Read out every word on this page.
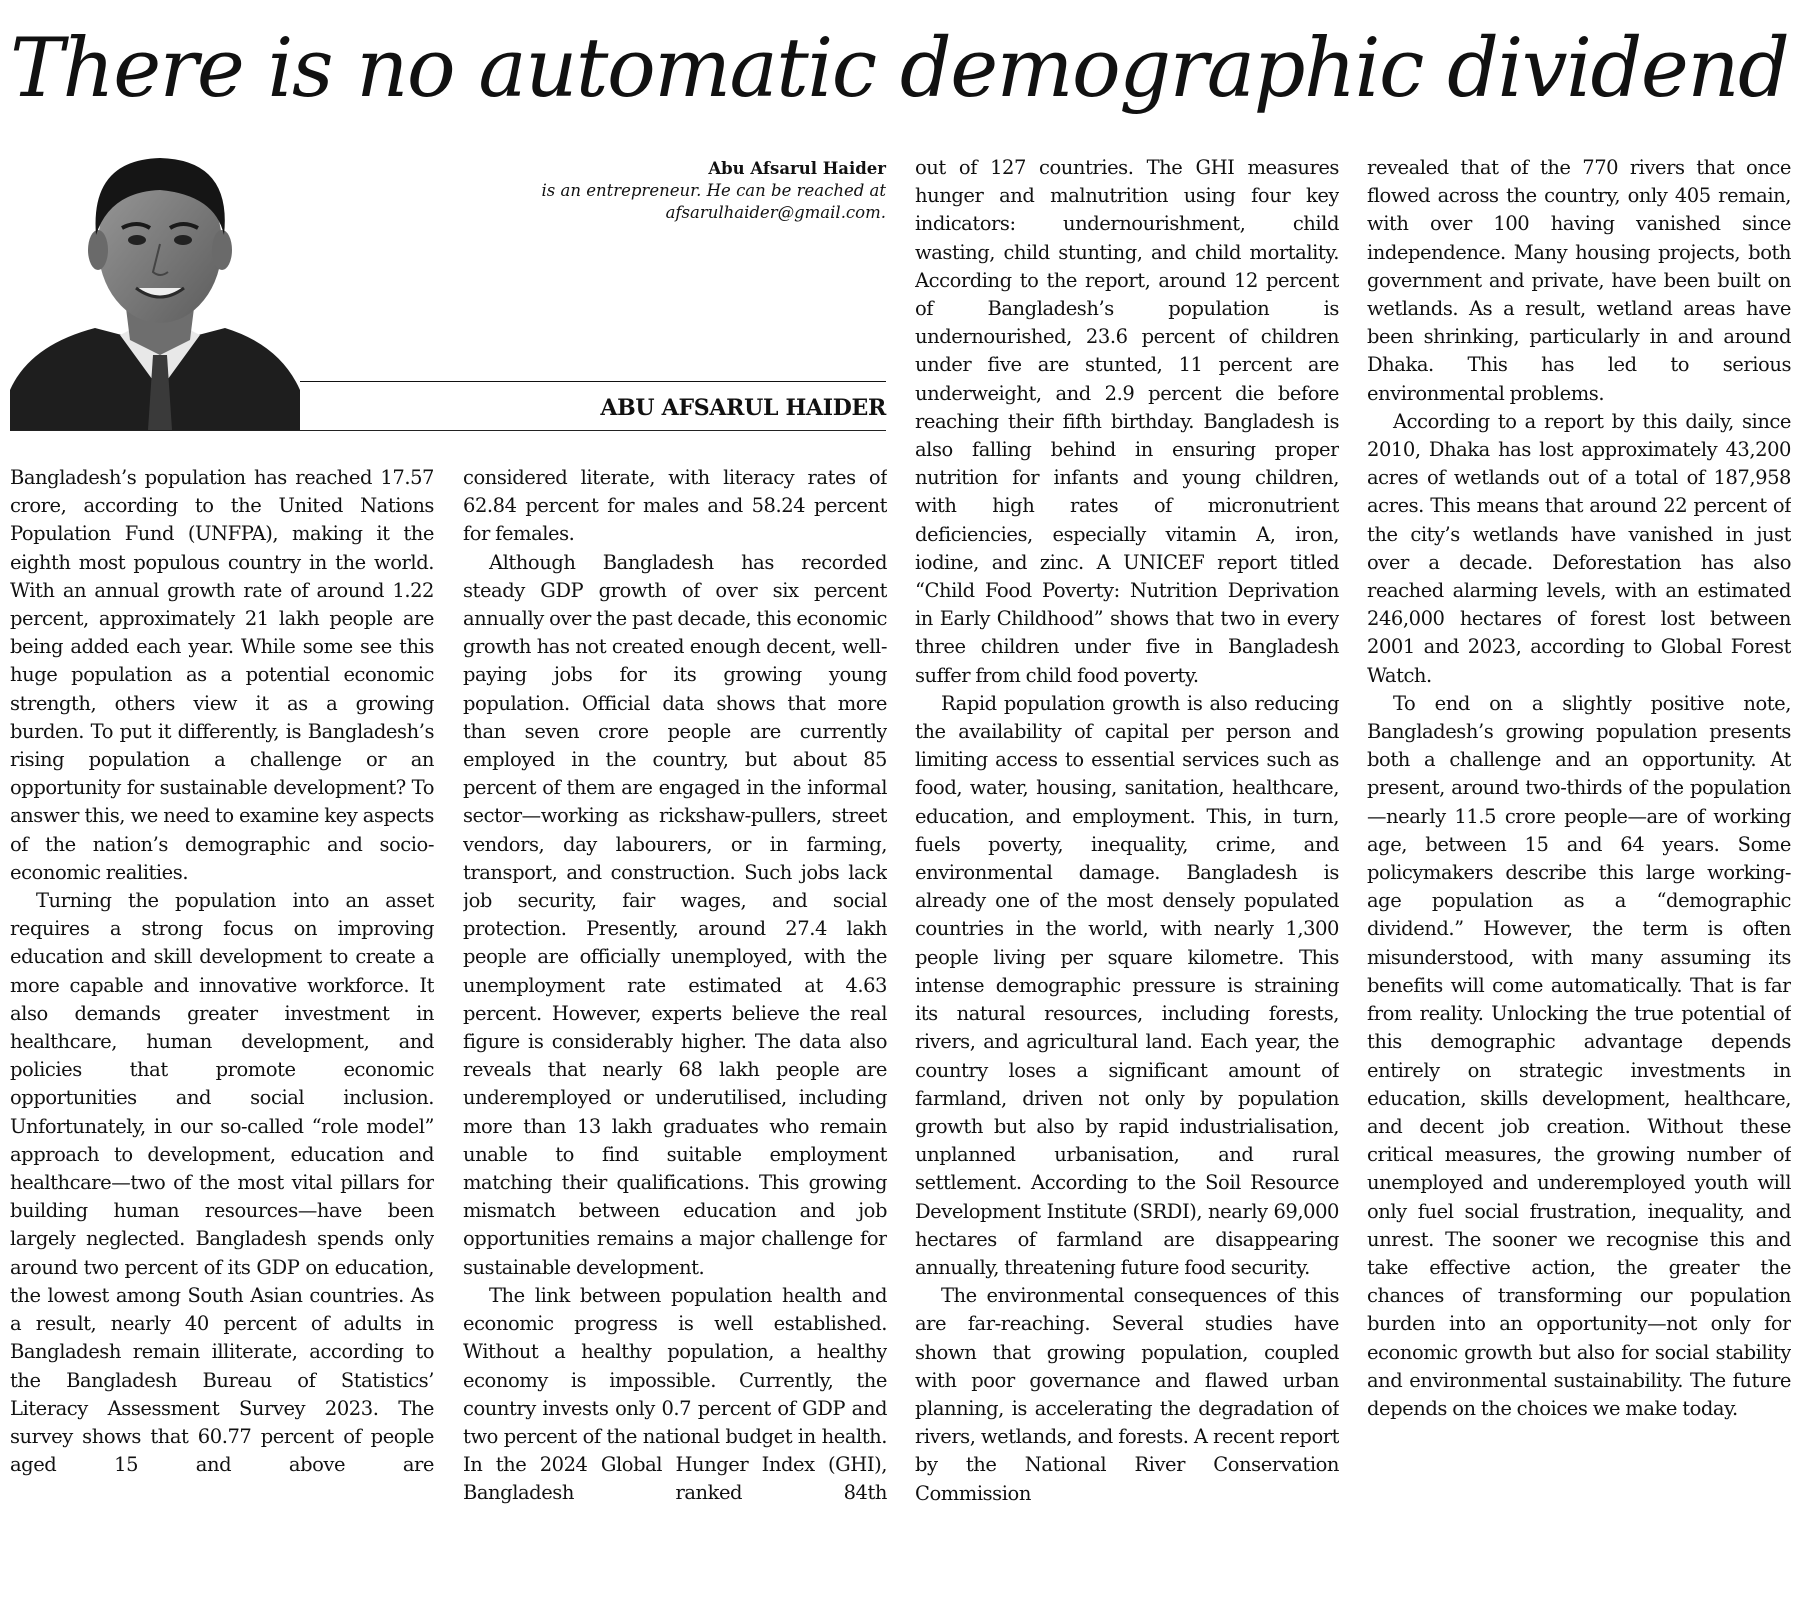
There is no automatic demographic dividend
Abu Afsarul Haider
is an entrepreneur. He can be reached at
afsarulhaider@gmail.com.
ABU AFSARUL HAIDER

Bangladesh’s population has reached 17.57 crore, according to the United Nations Population Fund (UNFPA), making it the eighth most populous country in the world. With an annual growth rate of around 1.22 percent, approximately 21 lakh people are being added each year. While some see this huge population as a potential economic strength, others view it as a growing burden. To put it differently, is Bangladesh’s rising population a challenge or an opportunity for sustainable development? To answer this, we need to examine key aspects of the nation’s demographic and socio-economic realities.

Turning the population into an asset requires a strong focus on improving education and skill development to create a more capable and innovative workforce. It also demands greater investment in healthcare, human development, and policies that promote economic opportunities and social inclusion. Unfortunately, in our so-called “role model” approach to development, education and healthcare—two of the most vital pillars for building human resources—have been largely neglected. Bangladesh spends only around two percent of its GDP on education, the lowest among South Asian countries. As a result, nearly 40 percent of adults in Bangladesh remain illiterate, according to the Bangladesh Bureau of Statistics’ Literacy Assessment Survey 2023. The survey shows that 60.77 percent of people aged 15 and above are

considered literate, with literacy rates of 62.84 percent for males and 58.24 percent for females.

Although Bangladesh has recorded steady GDP growth of over six percent annually over the past decade, this economic growth has not created enough decent, well-paying jobs for its growing young population. Official data shows that more than seven crore people are currently employed in the country, but about 85 percent of them are engaged in the informal sector—working as rickshaw-pullers, street vendors, day labourers, or in farming, transport, and construction. Such jobs lack job security, fair wages, and social protection. Presently, around 27.4 lakh people are officially unemployed, with the unemployment rate estimated at 4.63 percent. However, experts believe the real figure is considerably higher. The data also reveals that nearly 68 lakh people are underemployed or underutilised, including more than 13 lakh graduates who remain unable to find suitable employment matching their qualifications. This growing mismatch between education and job opportunities remains a major challenge for sustainable development.

The link between population health and economic progress is well established. Without a healthy population, a healthy economy is impossible. Currently, the country invests only 0.7 percent of GDP and two percent of the national budget in health. In the 2024 Global Hunger Index (GHI), Bangladesh ranked 84th

out of 127 countries. The GHI measures hunger and malnutrition using four key indicators: undernourishment, child wasting, child stunting, and child mortality. According to the report, around 12 percent of Bangladesh’s population is undernourished, 23.6 percent of children under five are stunted, 11 percent are underweight, and 2.9 percent die before reaching their fifth birthday. Bangladesh is also falling behind in ensuring proper nutrition for infants and young children, with high rates of micronutrient deficiencies, especially vitamin A, iron, iodine, and zinc. A UNICEF report titled “Child Food Poverty: Nutrition Deprivation in Early Childhood” shows that two in every three children under five in Bangladesh suffer from child food poverty.

Rapid population growth is also reducing the availability of capital per person and limiting access to essential services such as food, water, housing, sanitation, healthcare, education, and employment. This, in turn, fuels poverty, inequality, crime, and environmental damage. Bangladesh is already one of the most densely populated countries in the world, with nearly 1,300 people living per square kilometre. This intense demographic pressure is straining its natural resources, including forests, rivers, and agricultural land. Each year, the country loses a significant amount of farmland, driven not only by population growth but also by rapid industrialisation, unplanned urbanisation, and rural settlement. According to the Soil Resource Development Institute (SRDI), nearly 69,000 hectares of farmland are disappearing annually, threatening future food security.

The environmental consequences of this are far-reaching. Several studies have shown that growing population, coupled with poor governance and flawed urban planning, is accelerating the degradation of rivers, wetlands, and forests. A recent report by the National River Conservation Commission

revealed that of the 770 rivers that once flowed across the country, only 405 remain, with over 100 having vanished since independence. Many housing projects, both government and private, have been built on wetlands. As a result, wetland areas have been shrinking, particularly in and around Dhaka. This has led to serious environmental problems.

According to a report by this daily, since 2010, Dhaka has lost approximately 43,200 acres of wetlands out of a total of 187,958 acres. This means that around 22 percent of the city’s wetlands have vanished in just over a decade. Deforestation has also reached alarming levels, with an estimated 246,000 hectares of forest lost between 2001 and 2023, according to Global Forest Watch.

To end on a slightly positive note, Bangladesh’s growing population presents both a challenge and an opportunity. At present, around two-thirds of the population—nearly 11.5 crore people—are of working age, between 15 and 64 years. Some policymakers describe this large working-age population as a “demographic dividend.” However, the term is often misunderstood, with many assuming its benefits will come automatically. That is far from reality. Unlocking the true potential of this demographic advantage depends entirely on strategic investments in education, skills development, healthcare, and decent job creation. Without these critical measures, the growing number of unemployed and underemployed youth will only fuel social frustration, inequality, and unrest. The sooner we recognise this and take effective action, the greater the chances of transforming our population burden into an opportunity—not only for economic growth but also for social stability and environmental sustainability. The future depends on the choices we make today.
